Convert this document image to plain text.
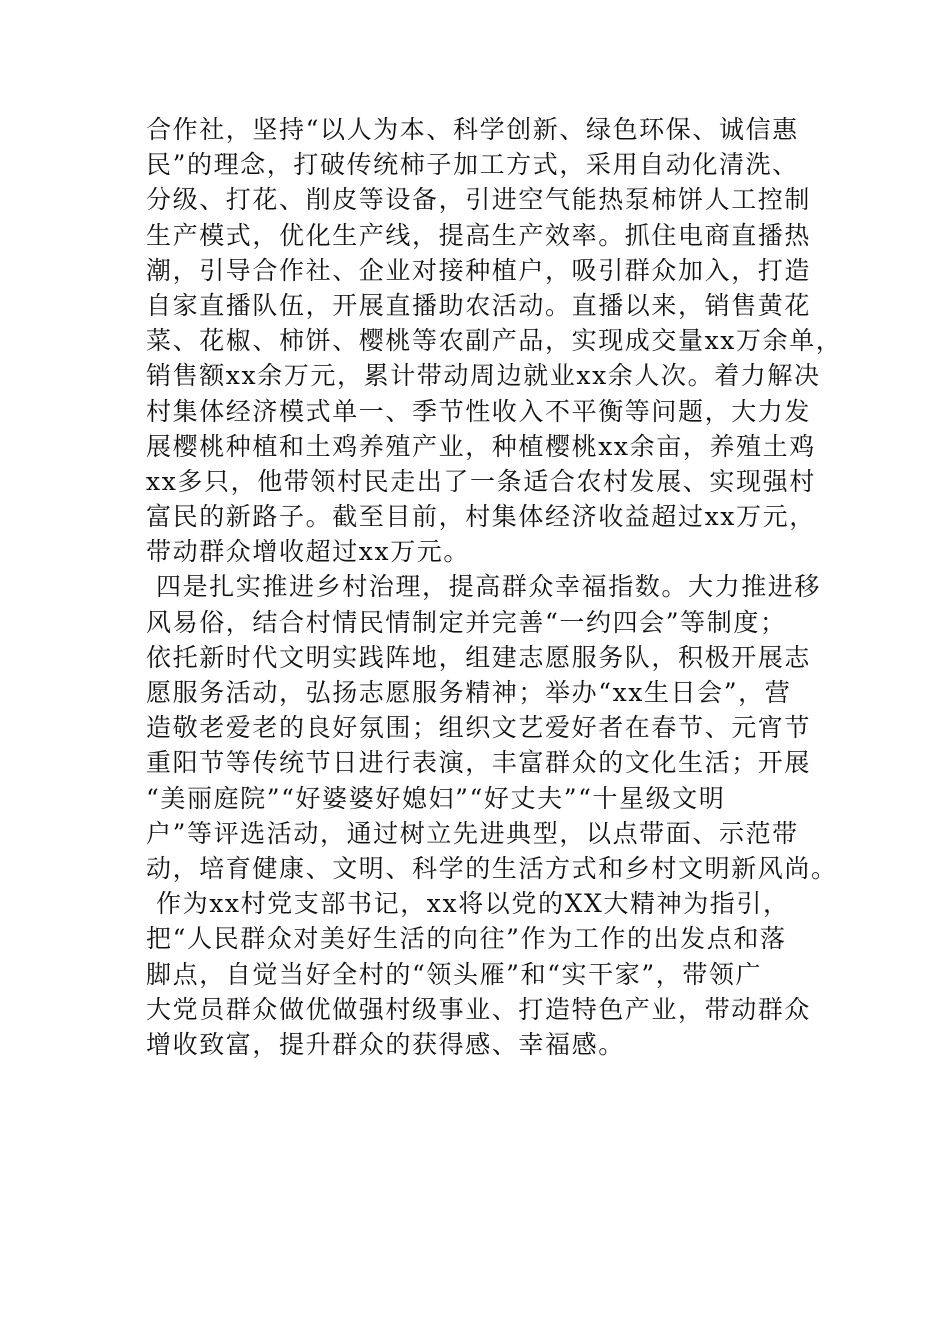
合作社，坚持“以人为本、科学创新、绿色环保、诚信惠
民”的理念，打破传统柿子加工方式，采用自动化清洗、
分级、打花、削皮等设备，引进空气能热泵柿饼人工控制
生产模式，优化生产线，提高生产效率。抓住电商直播热
潮，引导合作社、企业对接种植户，吸引群众加入，打造
自家直播队伍，开展直播助农活动。直播以来，销售黄花
菜、花椒、柿饼、樱桃等农副产品，实现成交量xx万余单，
销售额xx余万元，累计带动周边就业xx余人次。着力解决
村集体经济模式单一、季节性收入不平衡等问题，大力发
展樱桃种植和土鸡养殖产业，种植樱桃xx余亩，养殖土鸡
xx多只，他带领村民走出了一条适合农村发展、实现强村
富民的新路子。截至目前，村集体经济收益超过xx万元，
带动群众增收超过xx万元。
四是扎实推进乡村治理，提高群众幸福指数。大力推进移
风易俗，结合村情民情制定并完善“一约四会”等制度；
依托新时代文明实践阵地，组建志愿服务队，积极开展志
愿服务活动，弘扬志愿服务精神；举办“xx生日会”，营
造敬老爱老的良好氛围；组织文艺爱好者在春节、元宵节
重阳节等传统节日进行表演，丰富群众的文化生活；开展
“美丽庭院”“好婆婆好媳妇”“好丈夫”“十星级文明
户”等评选活动，通过树立先进典型，以点带面、示范带
动，培育健康、文明、科学的生活方式和乡村文明新风尚。
作为xx村党支部书记，xx将以党的XX大精神为指引，
把“人民群众对美好生活的向往”作为工作的出发点和落
脚点，自觉当好全村的“领头雁”和“实干家”，带领广
大党员群众做优做强村级事业、打造特色产业，带动群众
增收致富，提升群众的获得感、幸福感。
